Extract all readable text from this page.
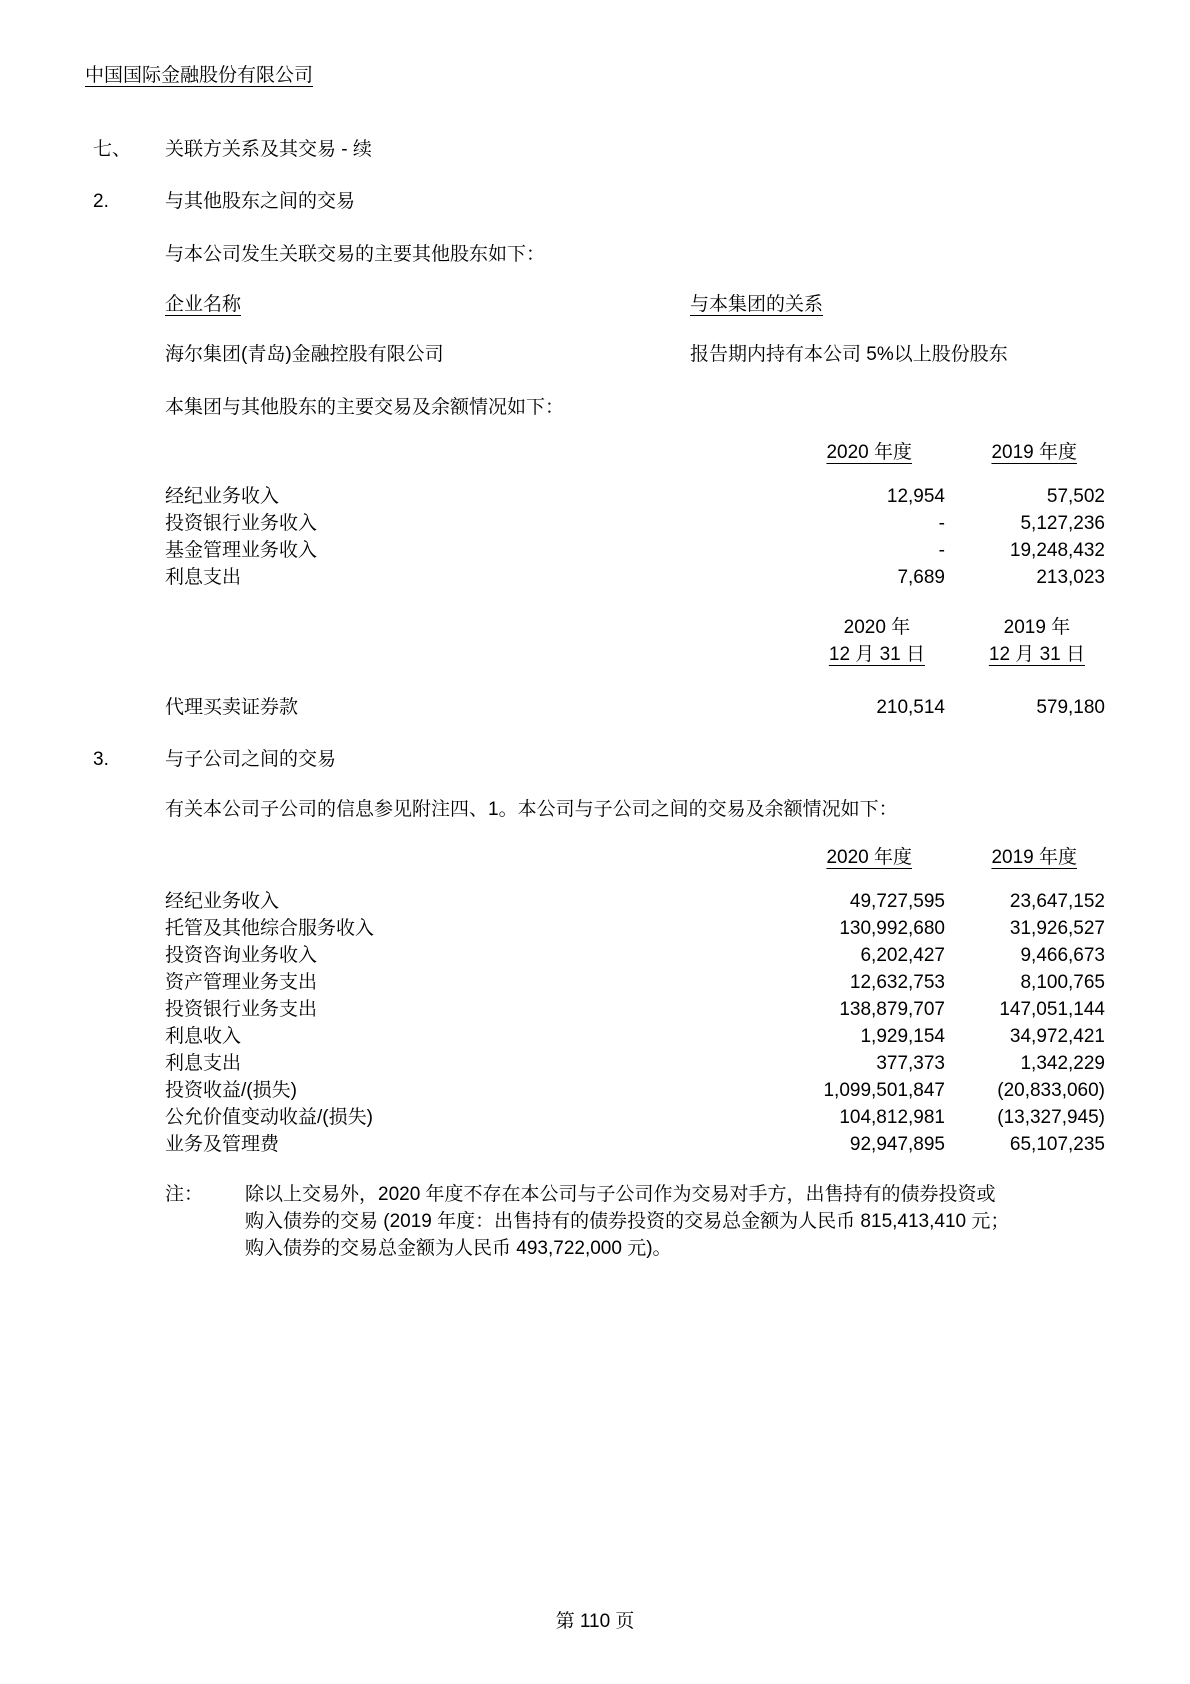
中国国际金融股份有限公司
七、	关联方关系及其交易 - 续
2.	与其他股东之间的交易
与本公司发生关联交易的主要其他股东如下：
企业名称	与本集团的关系
海尔集团(青岛)金融控股有限公司	报告期内持有本公司 5%以上股份股东
本集团与其他股东的主要交易及余额情况如下：
2020 年度	2019 年度
经纪业务收入	12,954	57,502
投资银行业务收入	-	5,127,236
基金管理业务收入	-	19,248,432
利息支出	7,689	213,023
2020 年
12 月 31 日
2019 年
12 月 31 日
代理买卖证券款	210,514	579,180
3.	与子公司之间的交易
有关本公司子公司的信息参见附注四、1。本公司与子公司之间的交易及余额情况如下：
2020 年度	2019 年度
经纪业务收入	49,727,595	23,647,152
托管及其他综合服务收入	130,992,680	31,926,527
投资咨询业务收入	6,202,427	9,466,673
资产管理业务支出	12,632,753	8,100,765
投资银行业务支出	138,879,707	147,051,144
利息收入	1,929,154	34,972,421
利息支出	377,373	1,342,229
投资收益/(损失)	1,099,501,847	(20,833,060)
公允价值变动收益/(损失)	104,812,981	(13,327,945)
业务及管理费	92,947,895	65,107,235
注：	除以上交易外，2020 年度不存在本公司与子公司作为交易对手方，出售持有的债券投资或
购入债券的交易 (2019 年度：出售持有的债券投资的交易总金额为人民币 815,413,410 元；
购入债券的交易总金额为人民币 493,722,000 元)。
第 110 页
